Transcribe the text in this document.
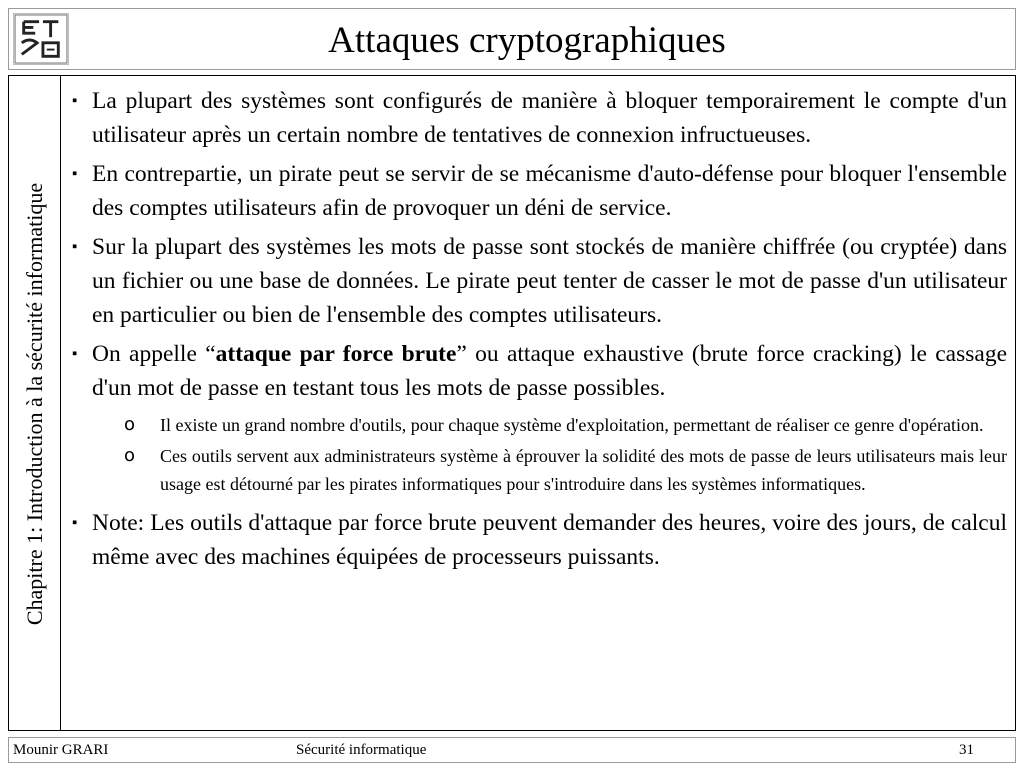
Attaques cryptographiques
Chapitre 1: Introduction à la sécurité informatique
▪ La plupart des systèmes sont configurés de manière à bloquer temporairement le compte d'un utilisateur après un certain nombre de tentatives de connexion infructueuses.
▪ En contrepartie, un pirate peut se servir de se mécanisme d'auto-défense pour bloquer l'ensemble des comptes utilisateurs afin de provoquer un déni de service.
▪ Sur la plupart des systèmes les mots de passe sont stockés de manière chiffrée (ou cryptée) dans un fichier ou une base de données. Le pirate peut tenter de casser le mot de passe d'un utilisateur en particulier ou bien de l'ensemble des comptes utilisateurs.
▪ On appelle “attaque par force brute” ou attaque exhaustive (brute force cracking) le cassage d'un mot de passe en testant tous les mots de passe possibles.
o Il existe un grand nombre d'outils, pour chaque système d'exploitation, permettant de réaliser ce genre d'opération.
o Ces outils servent aux administrateurs système à éprouver la solidité des mots de passe de leurs utilisateurs mais leur usage est détourné par les pirates informatiques pour s'introduire dans les systèmes informatiques.
▪ Note: Les outils d'attaque par force brute peuvent demander des heures, voire des jours, de calcul même avec des machines équipées de processeurs puissants.
Mounir GRARI	Sécurité informatique	31
